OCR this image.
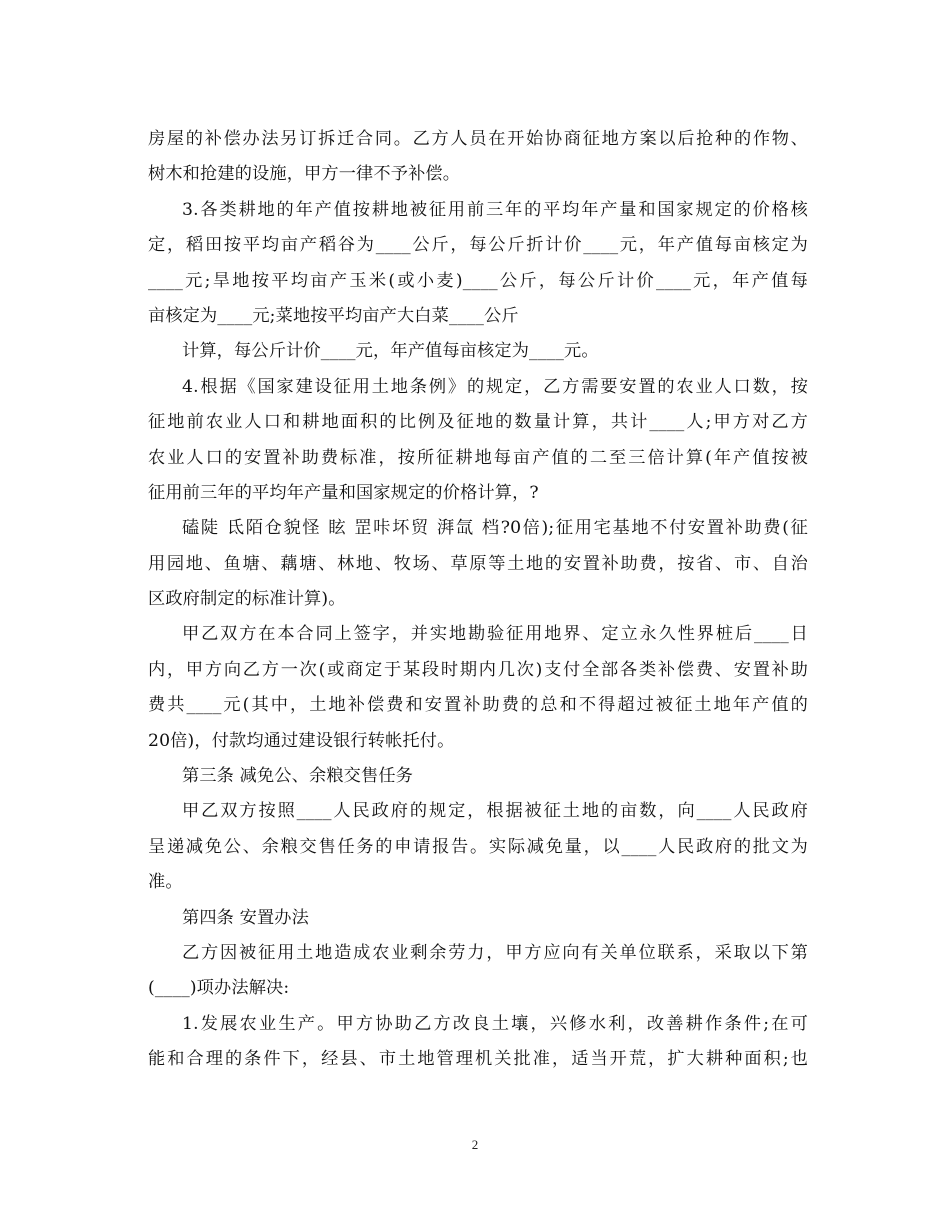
房屋的补偿办法另订拆迁合同。乙方人员在开始协商征地方案以后抢种的作物、
树木和抢建的设施，甲方一律不予补偿。
3.各类耕地的年产值按耕地被征用前三年的平均年产量和国家规定的价格核
定，稻田按平均亩产稻谷为____公斤，每公斤折计价____元，年产值每亩核定为
____元;旱地按平均亩产玉米(或小麦)____公斤，每公斤计价____元，年产值每
亩核定为____元;菜地按平均亩产大白菜____公斤
计算，每公斤计价____元，年产值每亩核定为____元。
4.根据《国家建设征用土地条例》的规定，乙方需要安置的农业人口数，按
征地前农业人口和耕地面积的比例及征地的数量计算，共计____人;甲方对乙方
农业人口的安置补助费标准，按所征耕地每亩产值的二至三倍计算(年产值按被
征用前三年的平均年产量和国家规定的价格计算，?
磕陡 氐陌仓貌怪 眩 罡咔坏贸 湃氙 档?0倍);征用宅基地不付安置补助费(征
用园地、鱼塘、藕塘、林地、牧场、草原等土地的安置补助费，按省、市、自治
区政府制定的标准计算)。
甲乙双方在本合同上签字，并实地勘验征用地界、定立永久性界桩后____日
内，甲方向乙方一次(或商定于某段时期内几次)支付全部各类补偿费、安置补助
费共____元(其中，土地补偿费和安置补助费的总和不得超过被征土地年产值的
20倍)，付款均通过建设银行转帐托付。
第三条 减免公、余粮交售任务
甲乙双方按照____人民政府的规定，根据被征土地的亩数，向____人民政府
呈递减免公、余粮交售任务的申请报告。实际减免量，以____人民政府的批文为
准。
第四条 安置办法
乙方因被征用土地造成农业剩余劳力，甲方应向有关单位联系，采取以下第
(____)项办法解决:
1.发展农业生产。甲方协助乙方改良土壤，兴修水利，改善耕作条件;在可
能和合理的条件下，经县、市土地管理机关批准，适当开荒，扩大耕种面积;也
2
